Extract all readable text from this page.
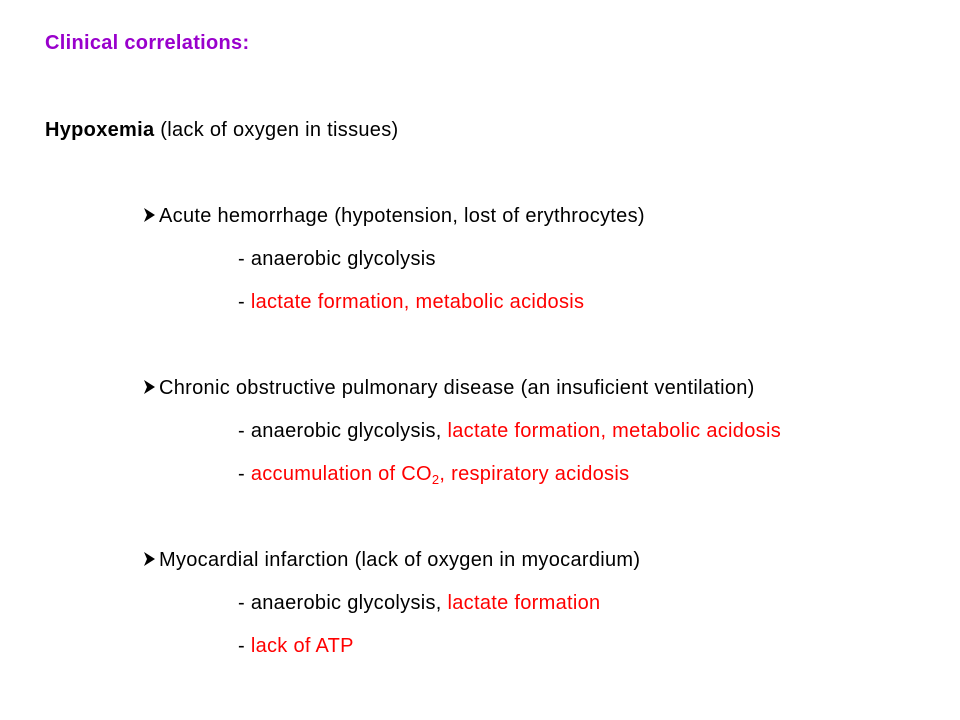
Clinical correlations:
Hypoxemia (lack of oxygen in tissues)
Acute hemorrhage (hypotension, lost of erythrocytes)
- anaerobic glycolysis
- lactate formation, metabolic acidosis
Chronic obstructive pulmonary disease (an insuficient ventilation)
- anaerobic glycolysis, lactate formation, metabolic acidosis
- accumulation of $CO_2$, respiratory acidosis
Myocardial infarction (lack of oxygen in myocardium)
- anaerobic glycolysis, lactate formation
- lack of ATP
